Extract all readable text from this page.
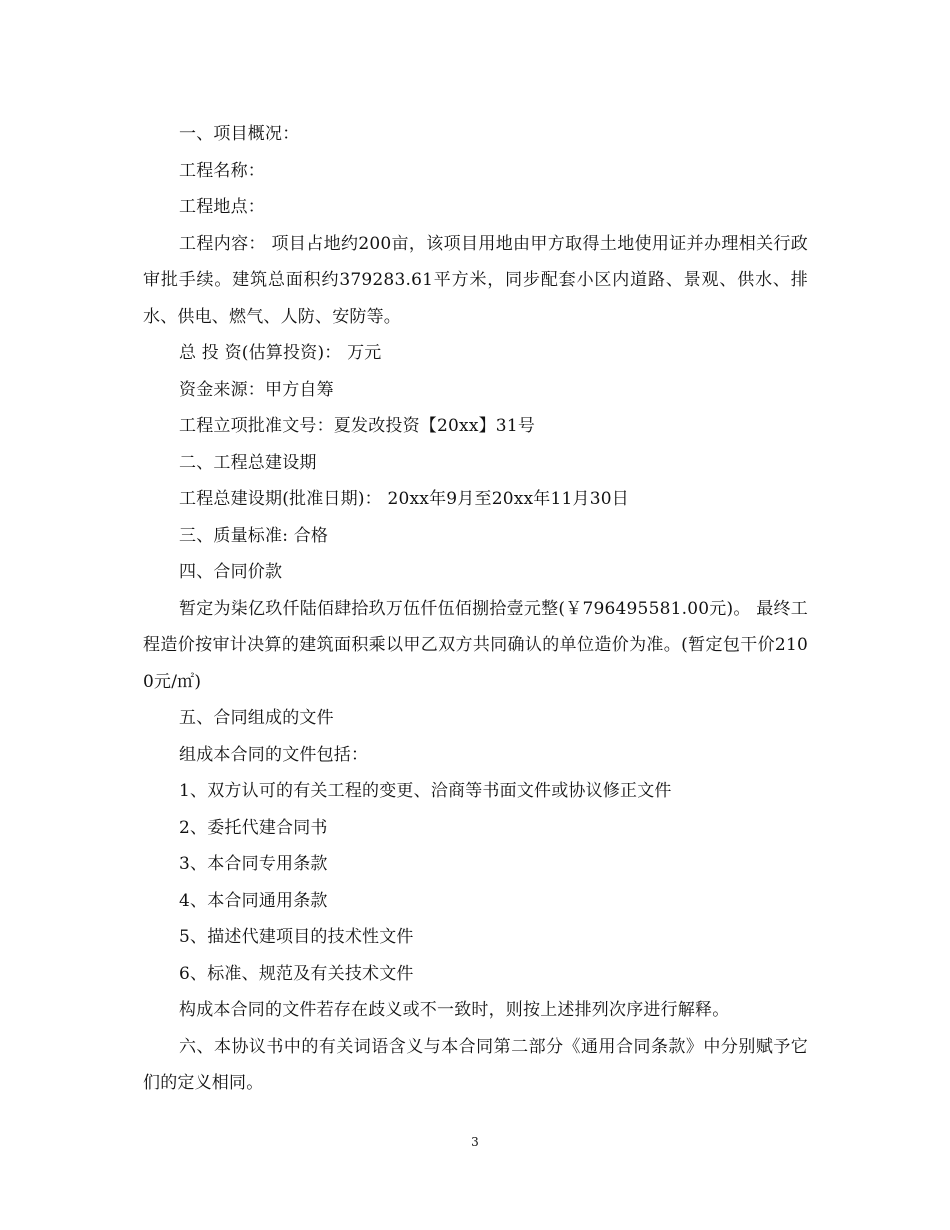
一、项目概况：

工程名称：

工程地点：

工程内容： 项目占地约200亩，该项目用地由甲方取得土地使用证并办理相关行政审批手续。建筑总面积约379283.61平方米，同步配套小区内道路、景观、供水、排水、供电、燃气、人防、安防等。

总 投 资(估算投资)： 万元

资金来源：甲方自筹

工程立项批准文号：夏发改投资【20xx】31号

二、工程总建设期

工程总建设期(批准日期)： 20xx年9月至20xx年11月30日

三、质量标准: 合格

四、合同价款

暂定为柒亿玖仟陆佰肆拾玖万伍仟伍佰捌拾壹元整(￥796495581.00元)。 最终工程造价按审计决算的建筑面积乘以甲乙双方共同确认的单位造价为准。(暂定包干价2100元/㎡)

五、合同组成的文件

组成本合同的文件包括：

1、双方认可的有关工程的变更、洽商等书面文件或协议修正文件

2、委托代建合同书

3、本合同专用条款

4、本合同通用条款

5、描述代建项目的技术性文件

6、标准、规范及有关技术文件

构成本合同的文件若存在歧义或不一致时，则按上述排列次序进行解释。

六、本协议书中的有关词语含义与本合同第二部分《通用合同条款》中分别赋予它们的定义相同。

3
